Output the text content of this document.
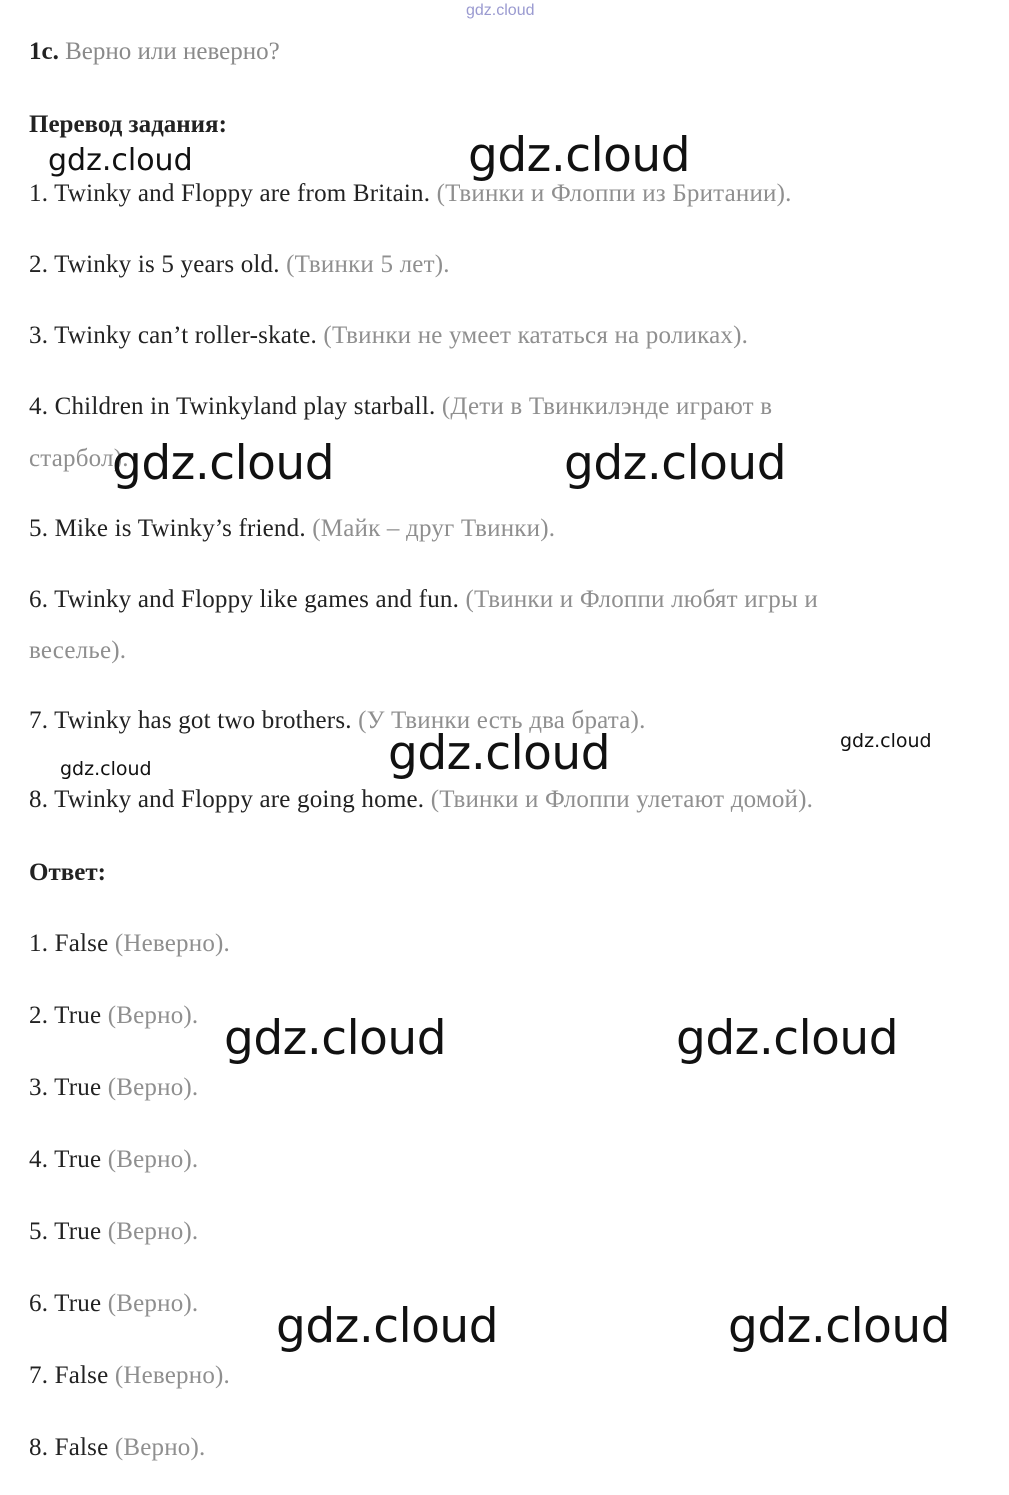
gdz.cloud
1c. Верно или неверно?
Перевод задания:
1. Twinky and Floppy are from Britain. (Твинки и Флоппи из Британии).
2. Twinky is 5 years old. (Твинки 5 лет).
3. Twinky can’t roller-skate. (Твинки не умеет кататься на роликах).
4. Children in Twinkyland play starball. (Дети в Твинкилэнде играют в
старбол).
5. Mike is Twinky’s friend. (Майк – друг Твинки).
6. Twinky and Floppy like games and fun. (Твинки и Флоппи любят игры и
веселье).
7. Twinky has got two brothers. (У Твинки есть два брата).
8. Twinky and Floppy are going home. (Твинки и Флоппи улетают домой).
Ответ:
1. False (Неверно).
2. True (Верно).
3. True (Верно).
4. True (Верно).
5. True (Верно).
6. True (Верно).
7. False (Неверно).
8. False (Верно).
gdz.cloud	gdz.cloud
gdz.cloud	gdz.cloud
gdz.cloud	gdz.cloud
gdz.cloud
gdz.cloud	gdz.cloud
gdz.cloud	gdz.cloud
